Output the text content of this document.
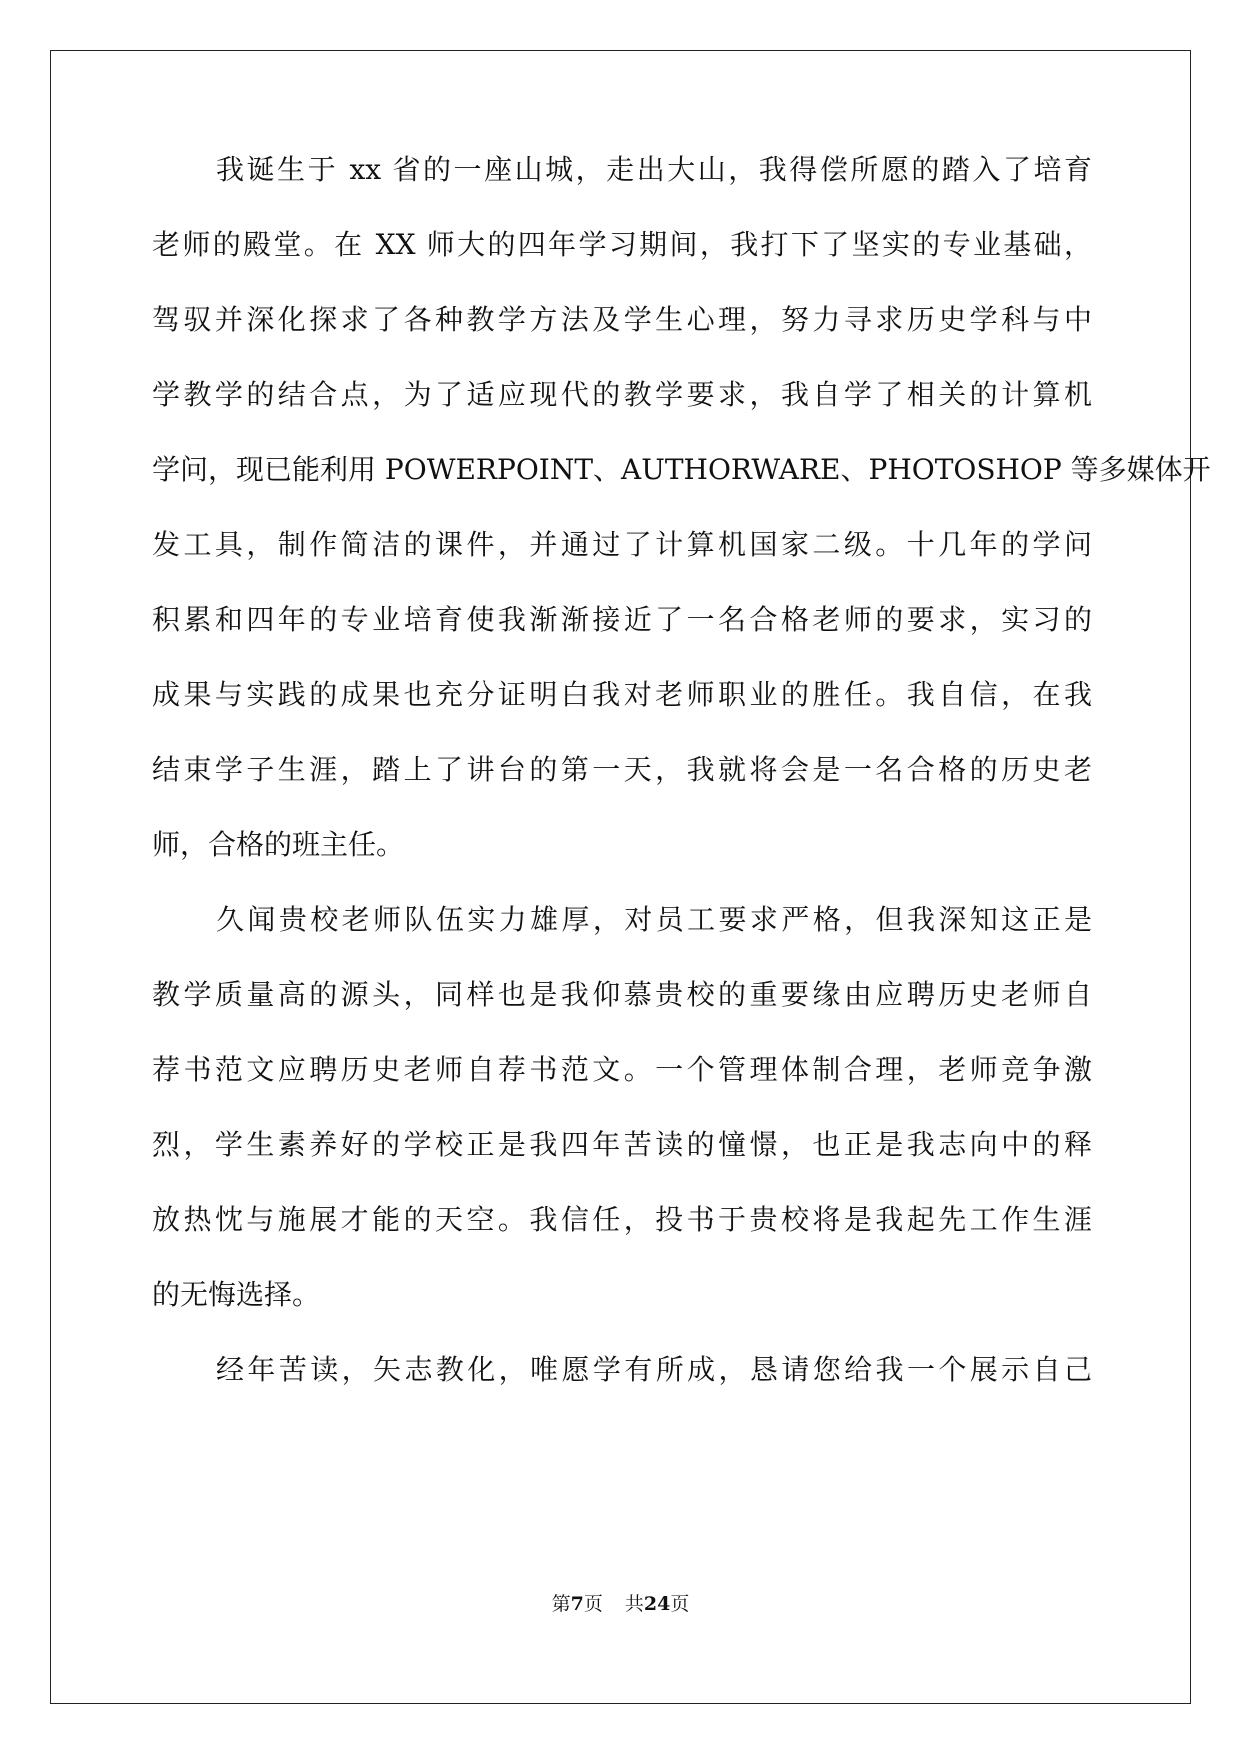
我诞生于 xx 省的一座山城，走出大山，我得偿所愿的踏入了培育
老师的殿堂。在 XX 师大的四年学习期间，我打下了坚实的专业基础，
驾驭并深化探求了各种教学方法及学生心理，努力寻求历史学科与中
学教学的结合点，为了适应现代的教学要求，我自学了相关的计算机
学问，现已能利用 POWERPOINT、AUTHORWARE、PHOTOSHOP 等多媒体开
发工具，制作简洁的课件，并通过了计算机国家二级。十几年的学问
积累和四年的专业培育使我渐渐接近了一名合格老师的要求，实习的
成果与实践的成果也充分证明白我对老师职业的胜任。我自信，在我
结束学子生涯，踏上了讲台的第一天，我就将会是一名合格的历史老
师，合格的班主任。
久闻贵校老师队伍实力雄厚，对员工要求严格，但我深知这正是
教学质量高的源头，同样也是我仰慕贵校的重要缘由应聘历史老师自
荐书范文应聘历史老师自荐书范文。一个管理体制合理，老师竞争激
烈，学生素养好的学校正是我四年苦读的憧憬，也正是我志向中的释
放热忱与施展才能的天空。我信任，投书于贵校将是我起先工作生涯
的无悔选择。
经年苦读，矢志教化，唯愿学有所成，恳请您给我一个展示自己
第7页 共24页
